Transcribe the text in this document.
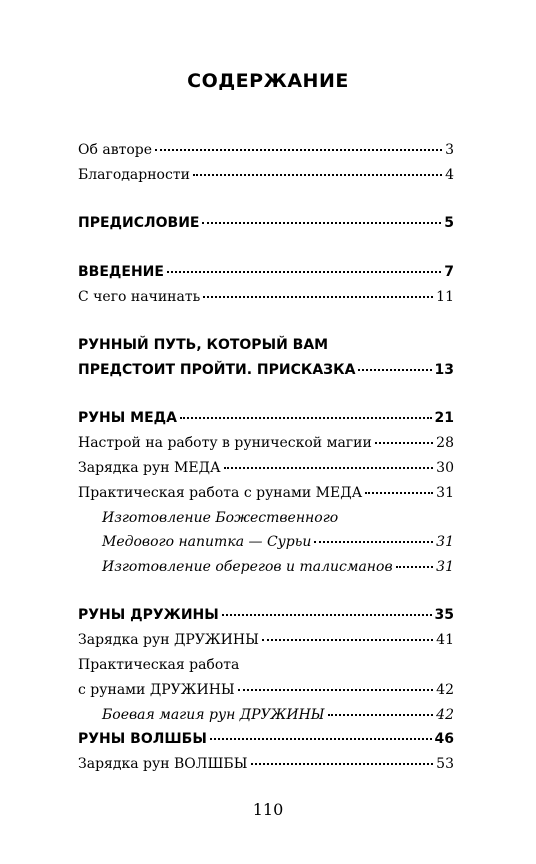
СОДЕРЖАНИЕ
Об авторе	3
Благодарности	4
ПРЕДИСЛОВИЕ	5
ВВЕДЕНИЕ	7
С чего начинать	11
РУННЫЙ ПУТЬ, КОТОРЫЙ ВАМ
ПРЕДСТОИТ ПРОЙТИ. ПРИСКАЗКА	13
РУНЫ МЕДА	21
Настрой на работу в рунической магии	28
Зарядка рун МЕДА	30
Практическая работа с рунами МЕДА	31
Изготовление Божественного
Медового напитка — Сурьи	31
Изготовление оберегов и талисманов	31
РУНЫ ДРУЖИНЫ	35
Зарядка рун ДРУЖИНЫ	41
Практическая работа
с рунами ДРУЖИНЫ	42
Боевая магия рун ДРУЖИНЫ	42
РУНЫ ВОЛШБЫ	46
Зарядка рун ВОЛШБЫ	53
110
